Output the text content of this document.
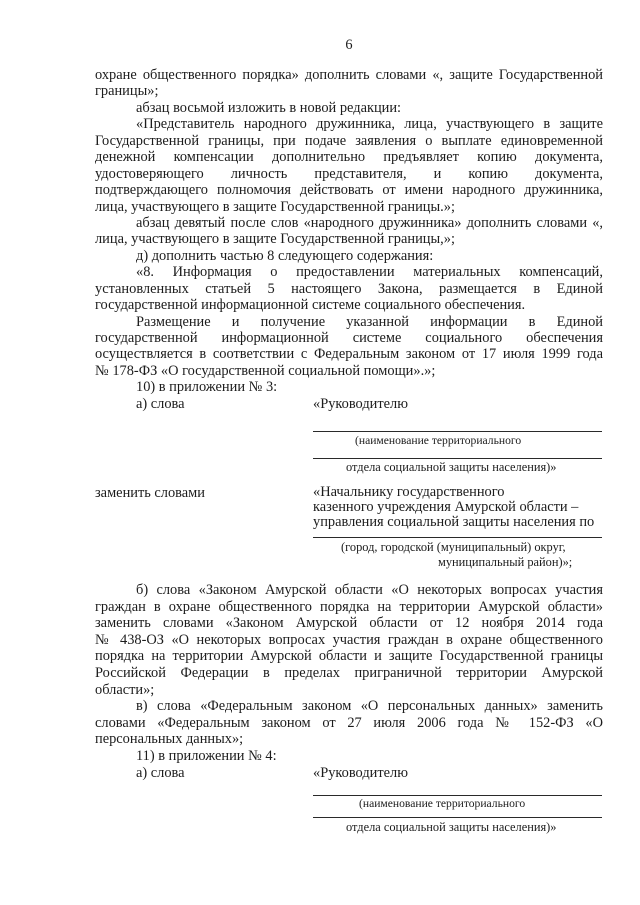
6
охране общественного порядка» дополнить словами «, защите Государственной
границы»;
абзац восьмой изложить в новой редакции:
«Представитель народного дружинника, лица, участвующего в защите
Государственной границы, при подаче заявления о выплате единовременной
денежной компенсации дополнительно предъявляет копию документа,
удостоверяющего личность представителя, и копию документа,
подтверждающего полномочия действовать от имени народного дружинника,
лица, участвующего в защите Государственной границы.»;
абзац девятый после слов «народного дружинника» дополнить словами «,
лица, участвующего в защите Государственной границы,»;
д) дополнить частью 8 следующего содержания:
«8. Информация о предоставлении материальных компенсаций,
установленных статьей 5 настоящего Закона, размещается в Единой
государственной информационной системе социального обеспечения.
Размещение и получение указанной информации в Единой
государственной информационной системе социального обеспечения
осуществляется в соответствии с Федеральным законом от 17 июля 1999 года
№ 178-ФЗ «О государственной социальной помощи».»;
10) в приложении № 3:
а) слова	«Руководителю
(наименование территориального
отдела социальной защиты населения)»
заменить словами	«Начальнику государственного
казенного учреждения Амурской области –
управления социальной защиты населения по
(город, городской (муниципальный) округ,
муниципальный район)»;
б) слова «Законом Амурской области «О некоторых вопросах участия
граждан в охране общественного порядка на территории Амурской области»
заменить словами «Законом Амурской области от 12 ноября 2014 года
№ 438-ОЗ «О некоторых вопросах участия граждан в охране общественного
порядка на территории Амурской области и защите Государственной границы
Российской Федерации в пределах приграничной территории Амурской
области»;
в) слова «Федеральным законом «О персональных данных» заменить
словами «Федеральным законом от 27 июля 2006 года № 152-ФЗ «О
персональных данных»;
11) в приложении № 4:
а) слова	«Руководителю
(наименование территориального
отдела социальной защиты населения)»
